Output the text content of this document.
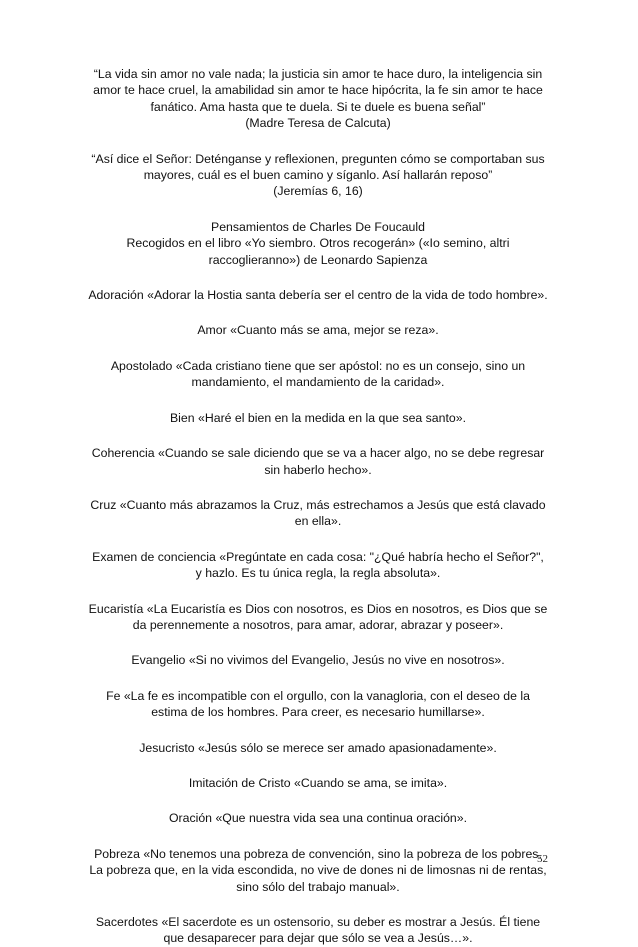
“La vida sin amor no vale nada; la justicia sin amor te hace duro, la inteligencia sin amor te hace cruel, la amabilidad sin amor te hace hipócrita, la fe sin amor te hace fanático. Ama hasta que te duela. Si te duele es buena señal”

(Madre Teresa de Calcuta)

“Así dice el Señor: Deténganse y reflexionen, pregunten cómo se comportaban sus mayores, cuál es el buen camino y síganlo. Así hallarán reposo”

(Jeremías 6, 16)

Pensamientos de Charles De Foucauld

Recogidos en el libro «Yo siembro. Otros recogerán» («Io semino, altri raccoglieranno») de Leonardo Sapienza

Adoración «Adorar la Hostia santa debería ser el centro de la vida de todo hombre».

Amor «Cuanto más se ama, mejor se reza».

Apostolado «Cada cristiano tiene que ser apóstol: no es un consejo, sino un mandamiento, el mandamiento de la caridad».

Bien «Haré el bien en la medida en la que sea santo».

Coherencia «Cuando se sale diciendo que se va a hacer algo, no se debe regresar sin haberlo hecho».

Cruz «Cuanto más abrazamos la Cruz, más estrechamos a Jesús que está clavado en ella».

Examen de conciencia «Pregúntate en cada cosa: "¿Qué habría hecho el Señor?", y hazlo. Es tu única regla, la regla absoluta».

Eucaristía «La Eucaristía es Dios con nosotros, es Dios en nosotros, es Dios que se da perennemente a nosotros, para amar, adorar, abrazar y poseer».

Evangelio «Si no vivimos del Evangelio, Jesús no vive en nosotros».

Fe «La fe es incompatible con el orgullo, con la vanagloria, con el deseo de la estima de los hombres. Para creer, es necesario humillarse».

Jesucristo «Jesús sólo se merece ser amado apasionadamente».

Imitación de Cristo «Cuando se ama, se imita».

Oración «Que nuestra vida sea una continua oración».

Pobreza «No tenemos una pobreza de convención, sino la pobreza de los pobres. La pobreza que, en la vida escondida, no vive de dones ni de limosnas ni de rentas, sino sólo del trabajo manual».

Sacerdotes «El sacerdote es un ostensorio, su deber es mostrar a Jesús. Él tiene que desaparecer para dejar que sólo se vea a Jesús…».

52
